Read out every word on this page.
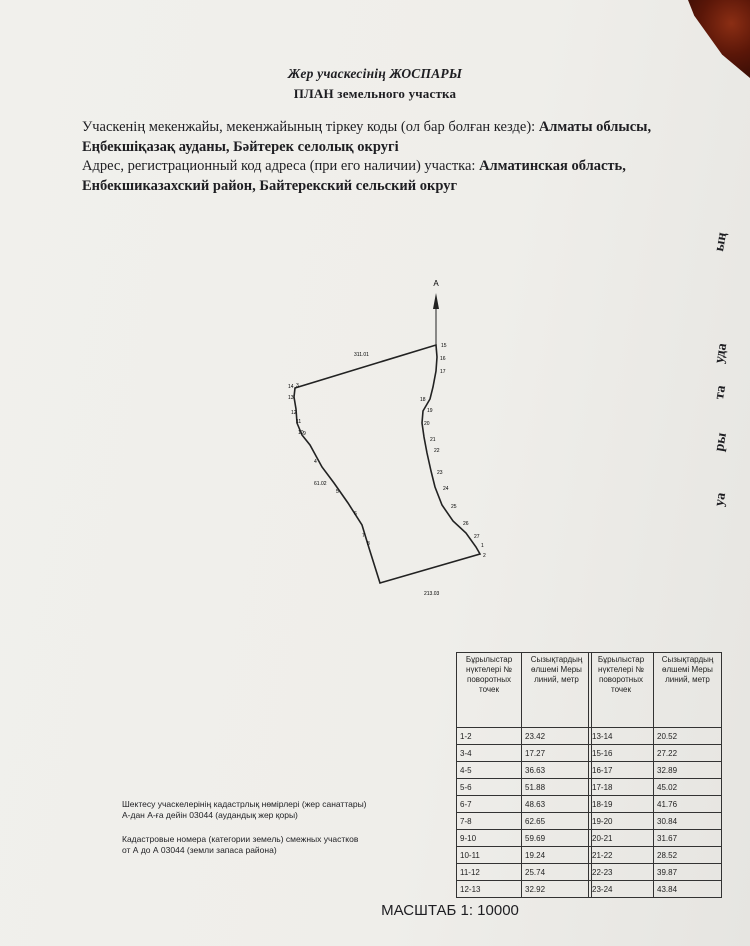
Жер учаскесінің ЖОСПАРЫ
ПЛАН земельного участка
Учаскенің мекенжайы, мекенжайының тіркеу коды (ол бар болған кезде): Алматы облысы, Еңбекшіқазақ ауданы, Бәйтерек селолық округі
Адрес, регистрационный код адреса (при его наличии) участка: Алматинская область, Енбекшиказахский район, Байтерекский сельский округ
ың
уда
та
ры
уа
А
311.01
61.02
213.03
1
2
3
4
5
6
7
8
9
10
11
12
13
14
15
16
17
18
19
20
21
22
23
24
25
26
27
Бұрылыстар нүктелері № поворотных точек	Сызықтардың өлшемі Меры линий, метр
1-2	23.42
3-4	17.27
4-5	36.63
5-6	51.88
6-7	48.63
7-8	62.65
9-10	59.69
10-11	19.24
11-12	25.74
12-13	32.92
Бұрылыстар нүктелері № поворотных точек	Сызықтардың өлшемі Меры линий, метр
13-14	20.52
15-16	27.22
16-17	32.89
17-18	45.02
18-19	41.76
19-20	30.84
20-21	31.67
21-22	28.52
22-23	39.87
23-24	43.84
Шектесу учаскелерінің кадастрлық нөмірлері (жер санаттары)
А-дан А-ға дейін 03044 (аудандық жер қоры)
Кадастровые номера (категории земель) смежных участков
от А до А 03044 (земли запаса района)
МАСШТАБ 1: 10000
